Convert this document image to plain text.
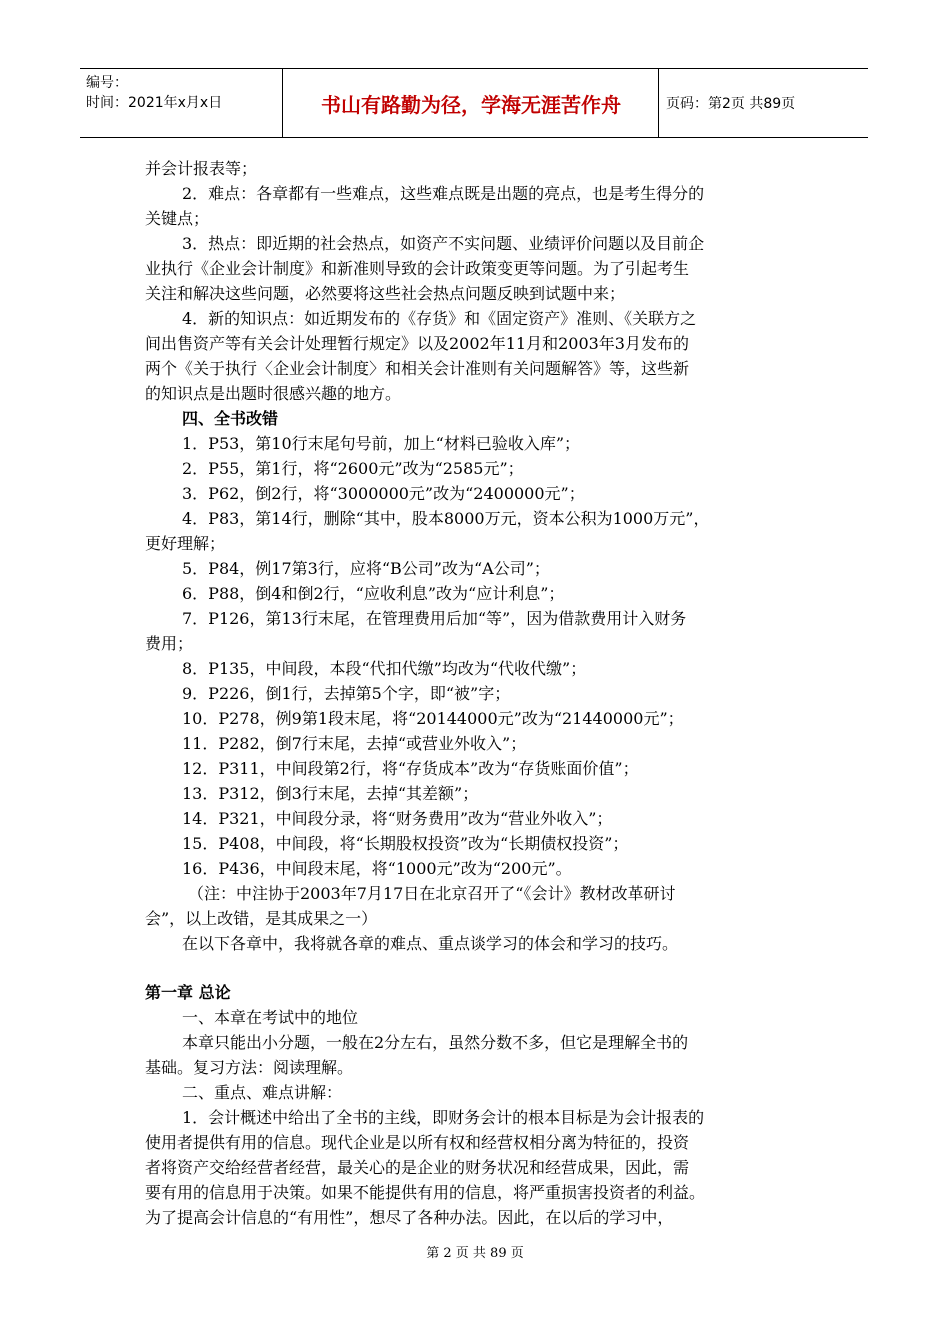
编号：
时间：2021年x月x日	书山有路勤为径，学海无涯苦作舟	页码：第2页 共89页
并会计报表等；
2．难点：各章都有一些难点，这些难点既是出题的亮点，也是考生得分的
关键点；
3．热点：即近期的社会热点，如资产不实问题、业绩评价问题以及目前企
业执行《企业会计制度》和新准则导致的会计政策变更等问题。为了引起考生
关注和解决这些问题，必然要将这些社会热点问题反映到试题中来；
4．新的知识点：如近期发布的《存货》和《固定资产》准则、《关联方之
间出售资产等有关会计处理暂行规定》以及2002年11月和2003年3月发布的
两个《关于执行〈企业会计制度〉和相关会计准则有关问题解答》等，这些新
的知识点是出题时很感兴趣的地方。
四、全书改错
1．P53，第10行末尾句号前，加上“材料已验收入库”；
2．P55，第1行，将“2600元”改为“2585元”；
3．P62，倒2行，将“3000000元”改为“2400000元”；
4．P83，第14行，删除“其中，股本8000万元，资本公积为1000万元”，
更好理解；
5．P84，例17第3行，应将“B公司”改为“A公司”；
6．P88，倒4和倒2行，“应收利息”改为“应计利息”；
7．P126，第13行末尾，在管理费用后加“等”，因为借款费用计入财务
费用；
8．P135，中间段，本段“代扣代缴”均改为“代收代缴”；
9．P226，倒1行，去掉第5个字，即“被”字；
10．P278，例9第1段末尾，将“20144000元”改为“21440000元”；
11．P282，倒7行末尾，去掉“或营业外收入”；
12．P311，中间段第2行，将“存货成本”改为“存货账面价值”；
13．P312，倒3行末尾，去掉“其差额”；
14．P321，中间段分录，将“财务费用”改为“营业外收入”；
15．P408，中间段，将“长期股权投资”改为“长期债权投资”；
16．P436，中间段末尾，将“1000元”改为“200元”。
（注：中注协于2003年7月17日在北京召开了“《会计》教材改革研讨
会”，以上改错，是其成果之一）
在以下各章中，我将就各章的难点、重点谈学习的体会和学习的技巧。
第一章 总论
一、本章在考试中的地位
本章只能出小分题，一般在2分左右，虽然分数不多，但它是理解全书的
基础。复习方法：阅读理解。
二、重点、难点讲解：
1．会计概述中给出了全书的主线，即财务会计的根本目标是为会计报表的
使用者提供有用的信息。现代企业是以所有权和经营权相分离为特征的，投资
者将资产交给经营者经营，最关心的是企业的财务状况和经营成果，因此，需
要有用的信息用于决策。如果不能提供有用的信息，将严重损害投资者的利益。
为了提高会计信息的“有用性”，想尽了各种办法。因此，在以后的学习中，
第 2 页 共 89 页
